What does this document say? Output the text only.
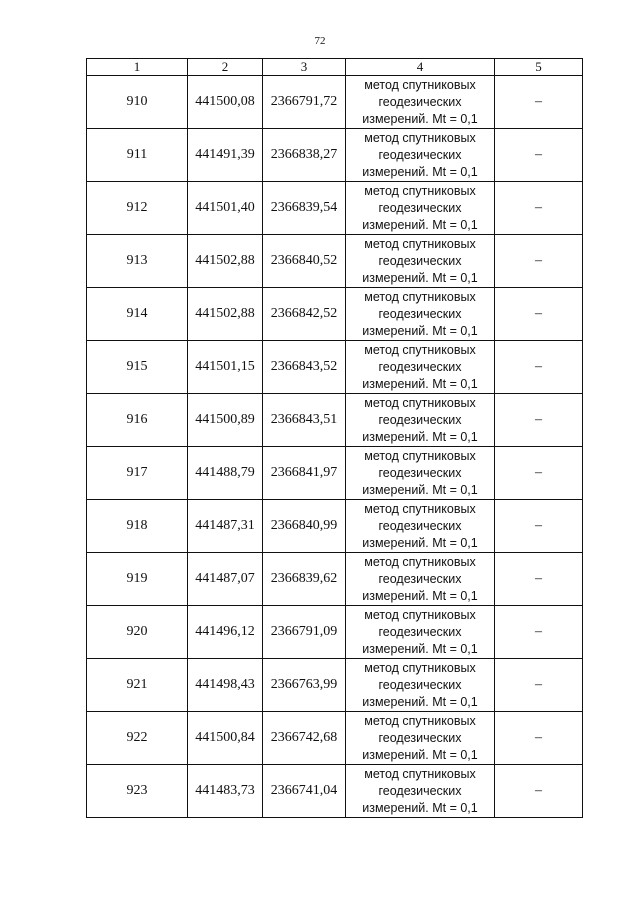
72
1	2	3	4	5
910	441500,08	2366791,72	метод спутниковых
геодезических
измерений. Mt = 0,1	–
911	441491,39	2366838,27	метод спутниковых
геодезических
измерений. Mt = 0,1	–
912	441501,40	2366839,54	метод спутниковых
геодезических
измерений. Mt = 0,1	–
913	441502,88	2366840,52	метод спутниковых
геодезических
измерений. Mt = 0,1	–
914	441502,88	2366842,52	метод спутниковых
геодезических
измерений. Mt = 0,1	–
915	441501,15	2366843,52	метод спутниковых
геодезических
измерений. Mt = 0,1	–
916	441500,89	2366843,51	метод спутниковых
геодезических
измерений. Mt = 0,1	–
917	441488,79	2366841,97	метод спутниковых
геодезических
измерений. Mt = 0,1	–
918	441487,31	2366840,99	метод спутниковых
геодезических
измерений. Mt = 0,1	–
919	441487,07	2366839,62	метод спутниковых
геодезических
измерений. Mt = 0,1	–
920	441496,12	2366791,09	метод спутниковых
геодезических
измерений. Mt = 0,1	–
921	441498,43	2366763,99	метод спутниковых
геодезических
измерений. Mt = 0,1	–
922	441500,84	2366742,68	метод спутниковых
геодезических
измерений. Mt = 0,1	–
923	441483,73	2366741,04	метод спутниковых
геодезических
измерений. Mt = 0,1	–
